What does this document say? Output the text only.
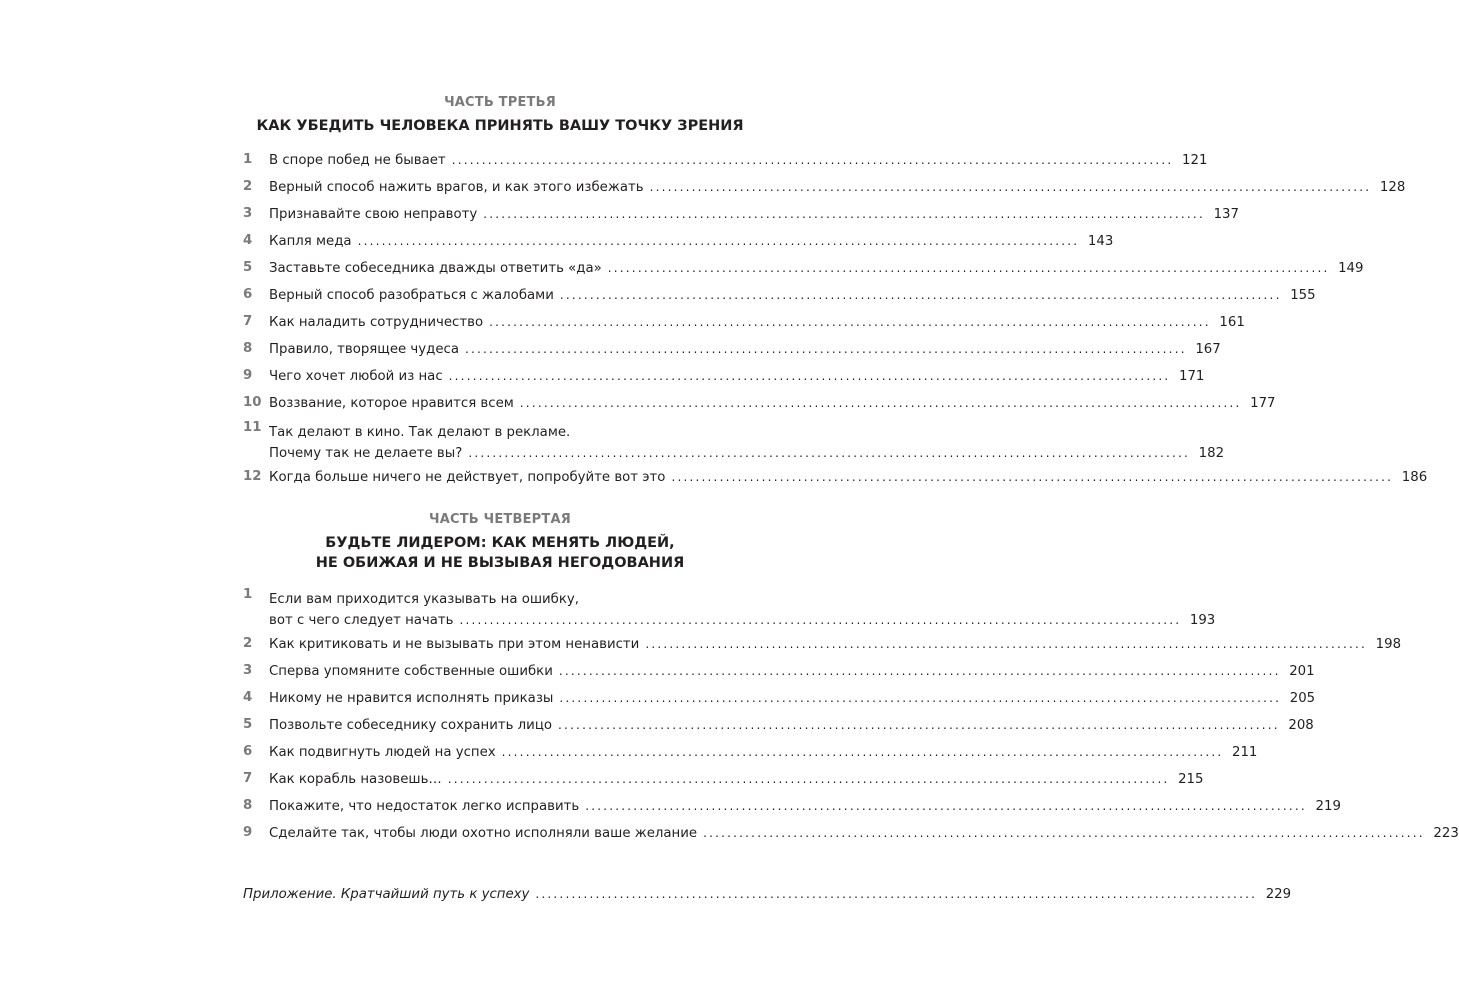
ЧАСТЬ ТРЕТЬЯ
КАК УБЕДИТЬ ЧЕЛОВЕКА ПРИНЯТЬ ВАШУ ТОЧКУ ЗРЕНИЯ
1	В споре побед не бывает ........................................................................................................................ 121
2	Верный способ нажить врагов, и как этого избежать ........................................................................................................................ 128
3	Признавайте свою неправоту ........................................................................................................................ 137
4	Капля меда ........................................................................................................................ 143
5	Заставьте собеседника дважды ответить «да» ........................................................................................................................ 149
6	Верный способ разобраться с жалобами ........................................................................................................................ 155
7	Как наладить сотрудничество ........................................................................................................................ 161
8	Правило, творящее чудеса ........................................................................................................................ 167
9	Чего хочет любой из нас ........................................................................................................................ 171
10 Воззвание, которое нравится всем ........................................................................................................................ 177
11 Так делают в кино. Так делают в рекламе.
Почему так не делаете вы? ........................................................................................................................ 182
12 Когда больше ничего не действует, попробуйте вот это ........................................................................................................................ 186
ЧАСТЬ ЧЕТВЕРТАЯ
БУДЬТЕ ЛИДЕРОМ: КАК МЕНЯТЬ ЛЮДЕЙ,
НЕ ОБИЖАЯ И НЕ ВЫЗЫВАЯ НЕГОДОВАНИЯ
1	Если вам приходится указывать на ошибку,
вот с чего следует начать ........................................................................................................................ 193
2	Как критиковать и не вызывать при этом ненависти ........................................................................................................................ 198
3	Сперва упомяните собственные ошибки ........................................................................................................................ 201
4	Никому не нравится исполнять приказы ........................................................................................................................ 205
5	Позвольте собеседнику сохранить лицо ........................................................................................................................ 208
6	Как подвигнуть людей на успех ........................................................................................................................ 211
7	Как корабль назовешь… ........................................................................................................................ 215
8	Покажите, что недостаток легко исправить ........................................................................................................................ 219
9	Сделайте так, чтобы люди охотно исполняли ваше желание ........................................................................................................................ 223
Приложение. Кратчайший путь к успеху ........................................................................................................................ 229
